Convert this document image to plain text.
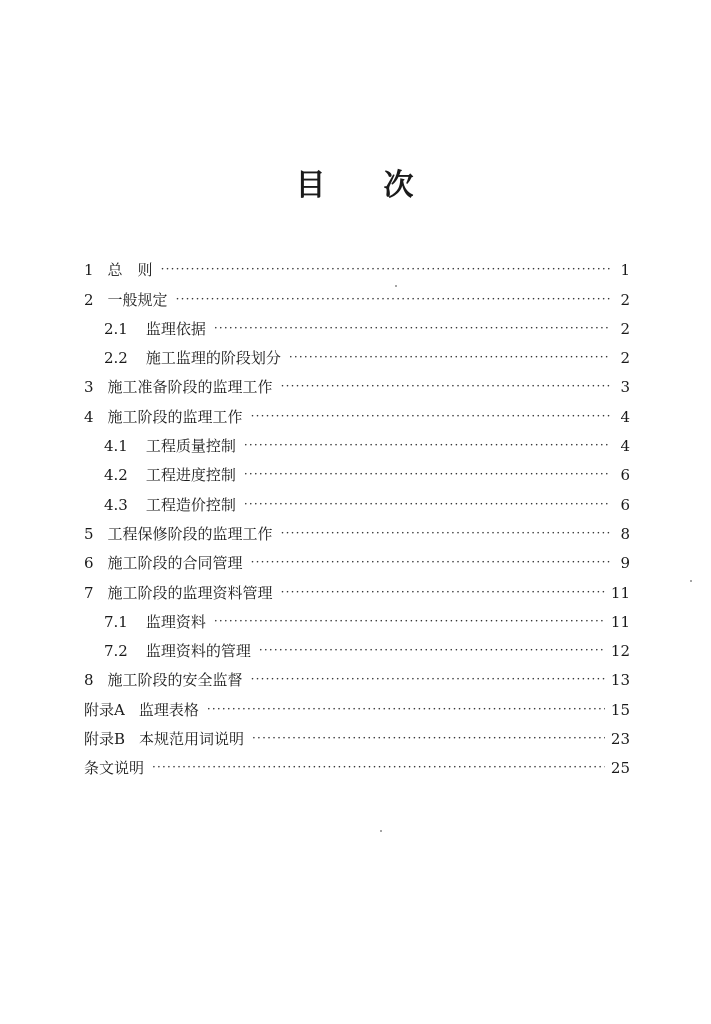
目 次
1 总　则 ·····	1
2 一般规定 ·····	2
2.1	监理依据 ·····	2
2.2	施工监理的阶段划分 ·····	2
3 施工准备阶段的监理工作 ·····	3
4 施工阶段的监理工作 ·····	4
4.1	工程质量控制 ·····	4
4.2	工程进度控制 ·····	6
4.3	工程造价控制 ·····	6
5 工程保修阶段的监理工作 ·····	8
6 施工阶段的合同管理 ·····	9
7 施工阶段的监理资料管理 ·····	11
7.1	监理资料 ·····	11
7.2	监理资料的管理 ·····	12
8 施工阶段的安全监督 ·····	13
附录A 监理表格 ·····	15
附录B 本规范用词说明 ·····	23
条文说明 ·····	25
